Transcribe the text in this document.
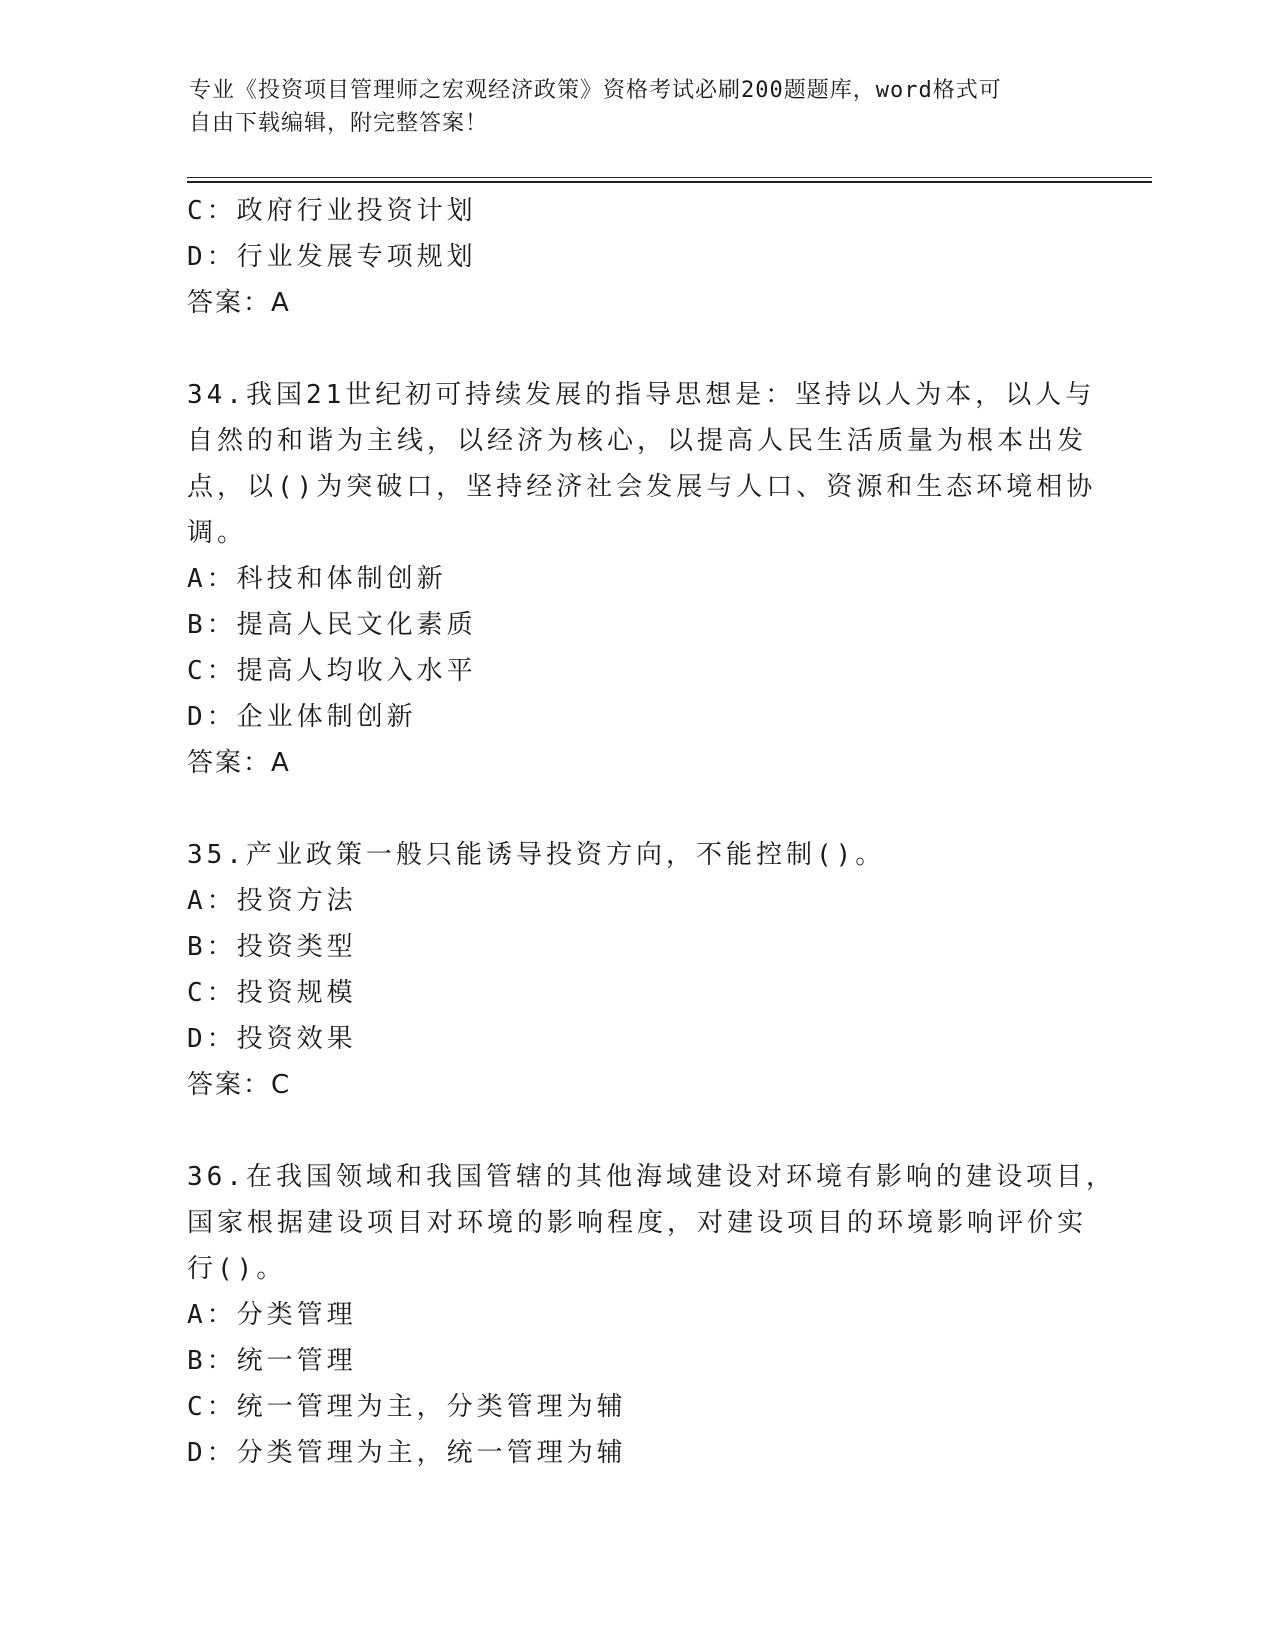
专业《投资项目管理师之宏观经济政策》资格考试必刷200题题库，word格式可
自由下载编辑，附完整答案！
C：政府行业投资计划
D：行业发展专项规划
答案：A
34.我国21世纪初可持续发展的指导思想是：坚持以人为本，以人与
自然的和谐为主线，以经济为核心，以提高人民生活质量为根本出发
点，以()为突破口，坚持经济社会发展与人口、资源和生态环境相协
调。
A：科技和体制创新
B：提高人民文化素质
C：提高人均收入水平
D：企业体制创新
答案：A
35.产业政策一般只能诱导投资方向，不能控制()。
A：投资方法
B：投资类型
C：投资规模
D：投资效果
答案：C
36.在我国领域和我国管辖的其他海域建设对环境有影响的建设项目，
国家根据建设项目对环境的影响程度，对建设项目的环境影响评价实
行()。
A：分类管理
B：统一管理
C：统一管理为主，分类管理为辅
D：分类管理为主，统一管理为辅
